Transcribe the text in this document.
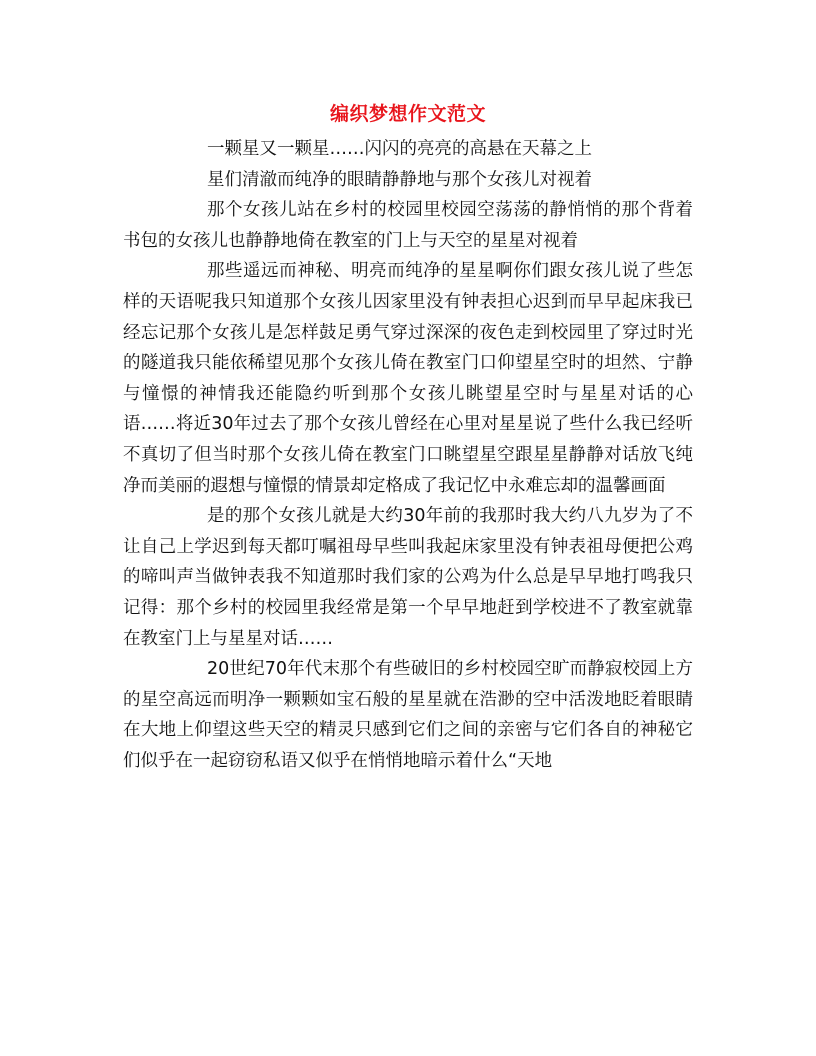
编织梦想作文范文

一颗星又一颗星……闪闪的亮亮的高悬在天幕之上

星们清澈而纯净的眼睛静静地与那个女孩儿对视着

那个女孩儿站在乡村的校园里校园空荡荡的静悄悄的那个背着书包的女孩儿也静静地倚在教室的门上与天空的星星对视着

那些遥远而神秘、明亮而纯净的星星啊你们跟女孩儿说了些怎样的天语呢我只知道那个女孩儿因家里没有钟表担心迟到而早早起床我已经忘记那个女孩儿是怎样鼓足勇气穿过深深的夜色走到校园里了穿过时光的隧道我只能依稀望见那个女孩儿倚在教室门口仰望星空时的坦然、宁静与憧憬的神情我还能隐约听到那个女孩儿眺望星空时与星星对话的心语……将近30年过去了那个女孩儿曾经在心里对星星说了些什么我已经听不真切了但当时那个女孩儿倚在教室门口眺望星空跟星星静静对话放飞纯净而美丽的遐想与憧憬的情景却定格成了我记忆中永难忘却的温馨画面

是的那个女孩儿就是大约30年前的我那时我大约八九岁为了不让自己上学迟到每天都叮嘱祖母早些叫我起床家里没有钟表祖母便把公鸡的啼叫声当做钟表我不知道那时我们家的公鸡为什么总是早早地打鸣我只记得：那个乡村的校园里我经常是第一个早早地赶到学校进不了教室就靠在教室门上与星星对话……

20世纪70年代末那个有些破旧的乡村校园空旷而静寂校园上方的星空高远而明净一颗颗如宝石般的星星就在浩渺的空中活泼地眨着眼睛在大地上仰望这些天空的精灵只感到它们之间的亲密与它们各自的神秘它们似乎在一起窃窃私语又似乎在悄悄地暗示着什么“天地
